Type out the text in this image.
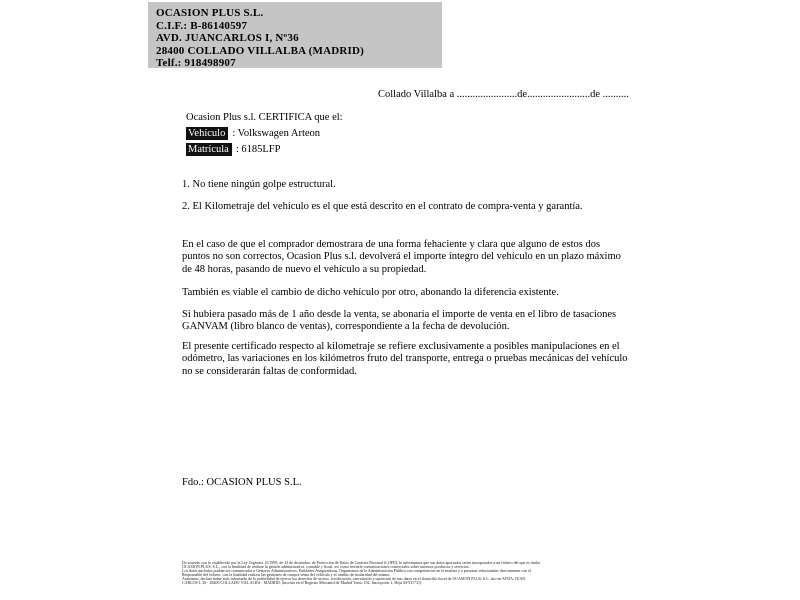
OCASION PLUS S.L.
C.I.F.: B-86140597
AVD. JUANCARLOS I, Nº36
28400 COLLADO VILLALBA (MADRID)
Telf.: 918498907
Collado Villalba a .......................de........................de ..........
Ocasion Plus s.l. CERTIFICA que el:
Vehículo : Volkswagen Arteon
Matrícula : 6185LFP
1. No tiene ningún golpe estructural.
2. El Kilometraje del vehículo es el que está descrito en el contrato de compra-venta y garantía.
En el caso de que el comprador demostrara de una forma fehaciente y clara que alguno de estos dos puntos no son correctos, Ocasion Plus s.l. devolverá el importe íntegro del vehículo en un plazo máximo de 48 horas, pasando de nuevo el vehículo a su propiedad.
También es viable el cambio de dicho vehículo por otro, abonando la diferencia existente.
Si hubiera pasado más de 1 año desde la venta, se abonaría el importe de venta en el libro de tasaciones GANVAM (libro blanco de ventas), correspondiente a la fecha de devolución.
El presente certificado respecto al kilometraje se refiere exclusivamente a posibles manipulaciones en el odómetro, las variaciones en los kilómetros fruto del transporte, entrega o pruebas mecánicas del vehículo no se considerarán faltas de conformidad.
Fdo.: OCASION PLUS S.L.
De acuerdo con lo establecido por la Ley Orgánica 15/1999, de 13 de diciembre, de Protección de Datos de Carácter Personal (LOPD), le informamos que sus datos aportados serán incorporados a un fichero del que es titular
OCASIÓN PLUS, S.L., con la finalidad de realizar la gestión administrativa, contable y fiscal, así como enviarle comunicaciones comerciales sobre nuestros productos y servicios.
Los datos anclados podrán ser comunicados a Gestores Administrativos, Entidades Aseguradoras, Organismos de la Administración Pública con competencias en la materia y a personas relacionadas directamente con el
Responsable del fichero, con la finalidad realizar las gestiones de compra venta del vehículo y el cambio de titularidad del mismo.
Asimismo, declara haber sido informado de la posibilidad de ejercer los derechos de acceso, rectificación, cancelación y oposición de mis datos en el domicilio fiscal de OCASIÓN PLUS, S.L. sito en AVDA. JUAN
CARLOS I, 36 - 28400 COLLADO VILLALBA - MADRID. (inscrita en el Registro Mercantil de Madrid Tomo 194, Inscripción 1, Hoja M-511731)
